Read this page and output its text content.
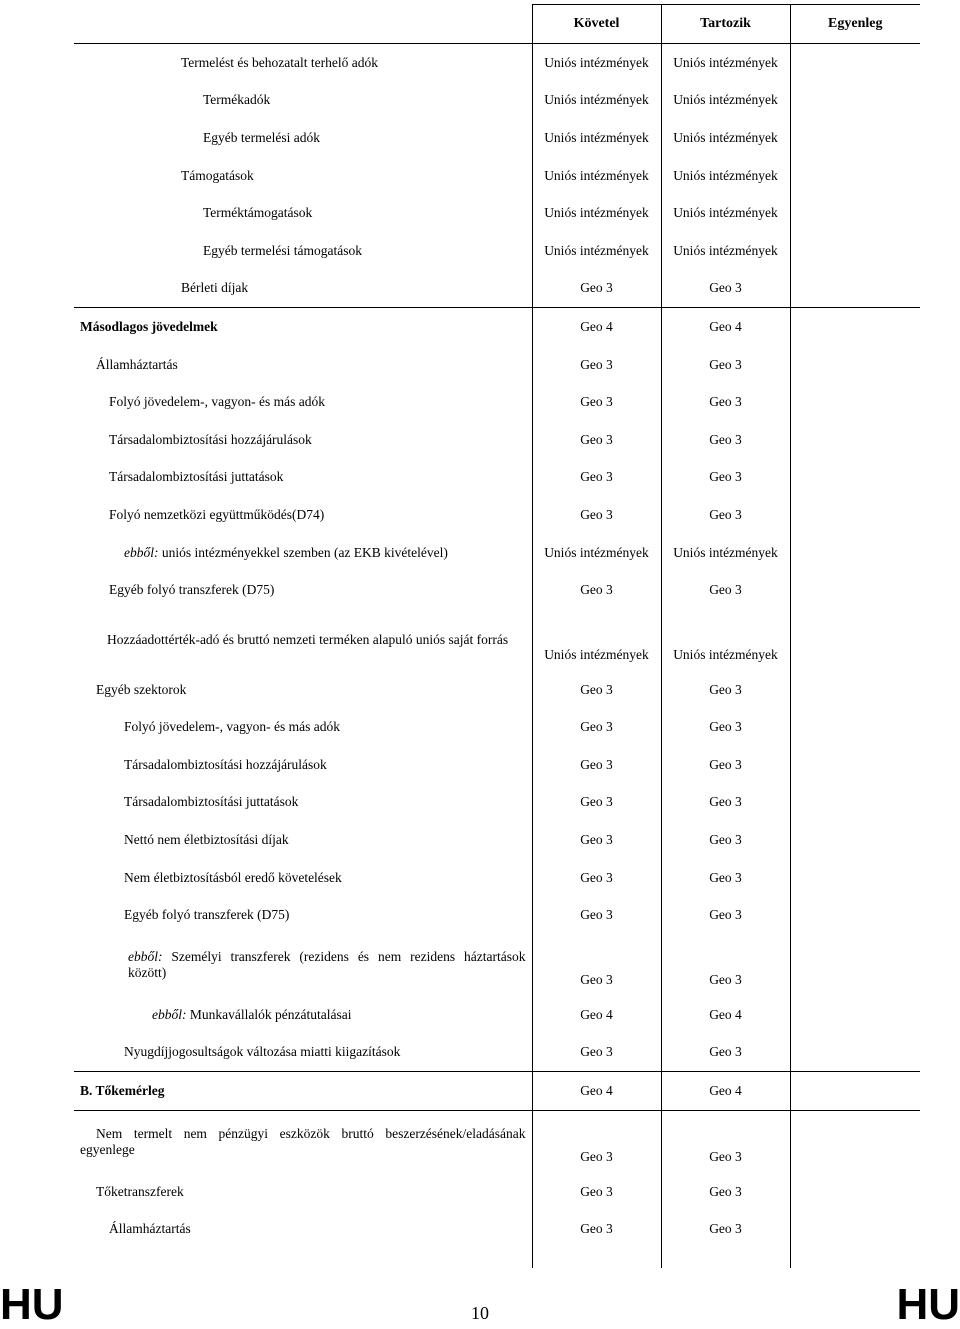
	Követel	Tartozik	Egyenleg

Termelést és behozatalt terhelő adók	Uniós intézmények	Uniós intézmények	

Termékadók	Uniós intézmények	Uniós intézmények	

Egyéb termelési adók	Uniós intézmények	Uniós intézmények	

Támogatások	Uniós intézmények	Uniós intézmények	

Terméktámogatások	Uniós intézmények	Uniós intézmények	

Egyéb termelési támogatások	Uniós intézmények	Uniós intézmények	

Bérleti díjak	Geo 3	Geo 3	

Másodlagos jövedelmek	Geo 4	Geo 4	

Államháztartás	Geo 3	Geo 3	

Folyó jövedelem-, vagyon- és más adók	Geo 3	Geo 3	

Társadalombiztosítási hozzájárulások	Geo 3	Geo 3	

Társadalombiztosítási juttatások	Geo 3	Geo 3	

Folyó nemzetközi együttműködés(D74)	Geo 3	Geo 3	

ebből: uniós intézményekkel szemben (az EKB kivételével)	Uniós intézmények	Uniós intézmények	

Egyéb folyó transzferek (D75)	Geo 3	Geo 3	

Hozzáadottérték-adó és bruttó nemzeti terméken alapuló uniós saját forrás	Uniós intézmények	Uniós intézmények	

Egyéb szektorok	Geo 3	Geo 3	

Folyó jövedelem-, vagyon- és más adók	Geo 3	Geo 3	

Társadalombiztosítási hozzájárulások	Geo 3	Geo 3	

Társadalombiztosítási juttatások	Geo 3	Geo 3	

Nettó nem életbiztosítási díjak	Geo 3	Geo 3	

Nem életbiztosításból eredő követelések	Geo 3	Geo 3	

Egyéb folyó transzferek (D75)	Geo 3	Geo 3	

ebből: Személyi transzferek (rezidens és nem rezidens háztartások között)	Geo 3	Geo 3	

ebből: Munkavállalók pénzátutalásai	Geo 4	Geo 4	

Nyugdíjjogosultságok változása miatti kiigazítások	Geo 3	Geo 3	

B. Tőkemérleg	Geo 4	Geo 4	

Nem termelt nem pénzügyi eszközök bruttó beszerzésének/eladásának egyenlege	Geo 3	Geo 3	

Tőketranszferek	Geo 3	Geo 3	

Államháztartás	Geo 3	Geo 3	

HU	10	HU
